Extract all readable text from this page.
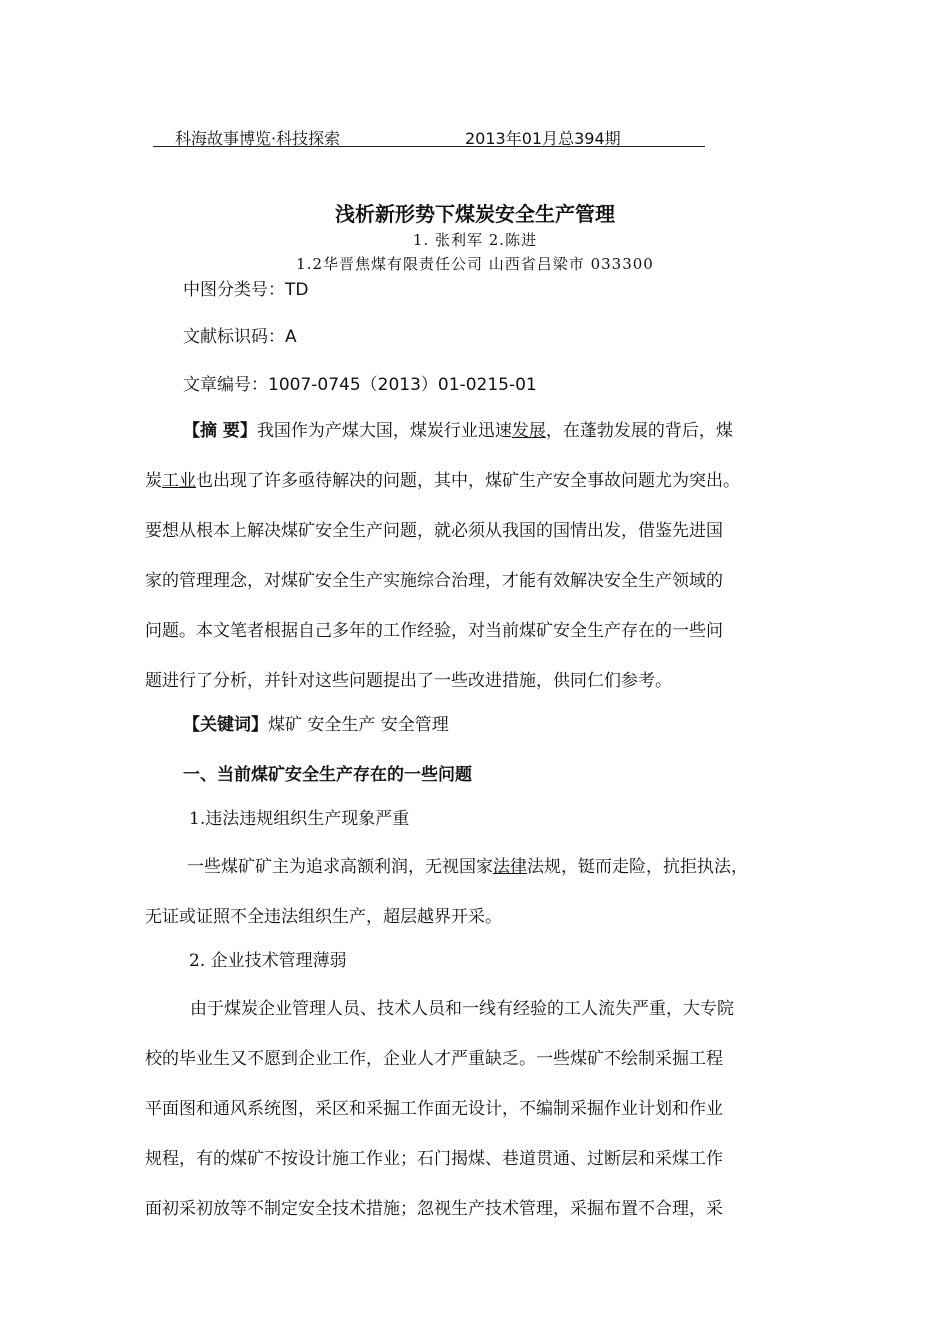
科海故事博览·科技探索	2013年01月总394期
浅析新形势下煤炭安全生产管理
1. 张利军 2.陈进
1.2华晋焦煤有限责任公司 山西省吕梁市 033300
中图分类号：TD
文献标识码：A
文章编号：1007-0745（2013）01-0215-01
【摘 要】我国作为产煤大国，煤炭行业迅速发展，在蓬勃发展的背后，煤
炭工业也出现了许多亟待解决的问题，其中，煤矿生产安全事故问题尤为突出。
要想从根本上解决煤矿安全生产问题，就必须从我国的国情出发，借鉴先进国
家的管理理念，对煤矿安全生产实施综合治理，才能有效解决安全生产领域的
问题。本文笔者根据自己多年的工作经验，对当前煤矿安全生产存在的一些问
题进行了分析，并针对这些问题提出了一些改进措施，供同仁们参考。
【关键词】煤矿 安全生产 安全管理
一、当前煤矿安全生产存在的一些问题
1.违法违规组织生产现象严重
一些煤矿矿主为追求高额利润，无视国家法律法规，铤而走险，抗拒执法，
无证或证照不全违法组织生产，超层越界开采。
2. 企业技术管理薄弱
由于煤炭企业管理人员、技术人员和一线有经验的工人流失严重，大专院
校的毕业生又不愿到企业工作，企业人才严重缺乏。一些煤矿不绘制采掘工程
平面图和通风系统图，采区和采掘工作面无设计，不编制采掘作业计划和作业
规程，有的煤矿不按设计施工作业；石门揭煤、巷道贯通、过断层和采煤工作
面初采初放等不制定安全技术措施；忽视生产技术管理，采掘布置不合理，采
